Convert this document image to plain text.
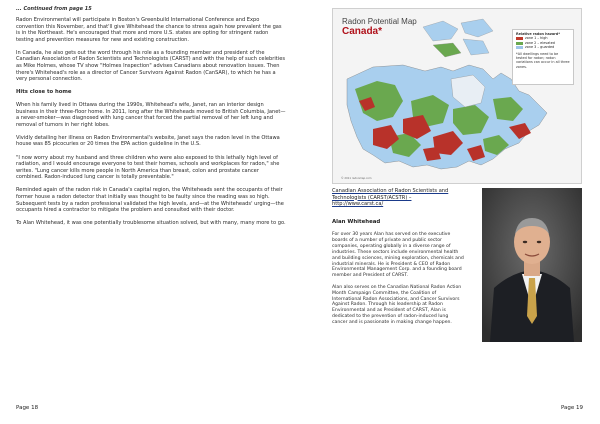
... Continued from page 15

Radon Environmental will participate in Boston's Greenbuild International Conference and Expo convention this November, and that'll give Whitehead the chance to stress again how prevalent the gas is in the Northeast. He's encouraged that more and more U.S. states are opting for stringent radon testing and prevention measures for new and existing construction.

In Canada, he also gets out the word through his role as a founding member and president of the Canadian Association of Radon Scientists and Technologists (CARST) and with the help of such celebrities as Mike Holmes, whose TV show "Holmes Inspection" advises Canadians about renovation issues. Then there's Whitehead's role as a director of Cancer Survivors Against Radon (CanSAR), to which he has a very personal connection.

Hits close to home

When his family lived in Ottawa during the 1990s, Whitehead's wife, Janet, ran an interior design business in their three-floor home. In 2011, long after the Whiteheads moved to British Columbia, Janet—a never-smoker—was diagnosed with lung cancer that forced the partial removal of her left lung and removal of tumors in her right lobes.

Vividly detailing her illness on Radon Environmental's website, Janet says the radon level in the Ottawa house was 85 picocuries or 20 times the EPA action guideline in the U.S.

"I now worry about my husband and three children who were also exposed to this lethally high level of radiation, and I would encourage everyone to test their homes, schools and workplaces for radon," she writes. "Lung cancer kills more people in North America than breast, colon and prostate cancer combined. Radon-induced lung cancer is totally preventable."

Reminded again of the radon risk in Canada's capital region, the Whiteheads sent the occupants of their former house a radon detector that initially was thought to be faulty since the reading was so high. Subsequent tests by a radon professional validated the high levels, and—at the Whiteheads' urging—the occupants hired a contractor to mitigate the problem and consulted with their doctor.

To Alan Whitehead, it was one potentially troublesome situation solved, but with many, many more to go.

Page 18
Radon Potential Map
Canada*	Relative radon hazard*
zone 1 – high
zone 2 – elevated
zone 3 – guarded
*All dwellings need to be tested for radon; radon variations can occur in all three zones.
© 2011 radonmap.com
Canadian Association of Radon Scientists and Technologists (CARST/ACSTR) – http://www.carst.ca/
Alan Whitehead

For over 30 years Alan has served on the executive boards of a number of private and public sector companies, operating globally in a diverse range of industries. These sectors include environmental health and building sciences, mining exploration, chemicals and industrial minerals. He is President & CEO of Radon Environmental Management Corp. and a founding board member and President of CARST.

Alan also serves on the Canadian National Radon Action Month Campaign Committee, the Coalition of International Radon Associations, and Cancer Survivors Against Radon. Through his leadership at Radon Environmental and as President of CARST, Alan is dedicated to the prevention of radon-induced lung cancer and is passionate in making change happen.

Page 19
